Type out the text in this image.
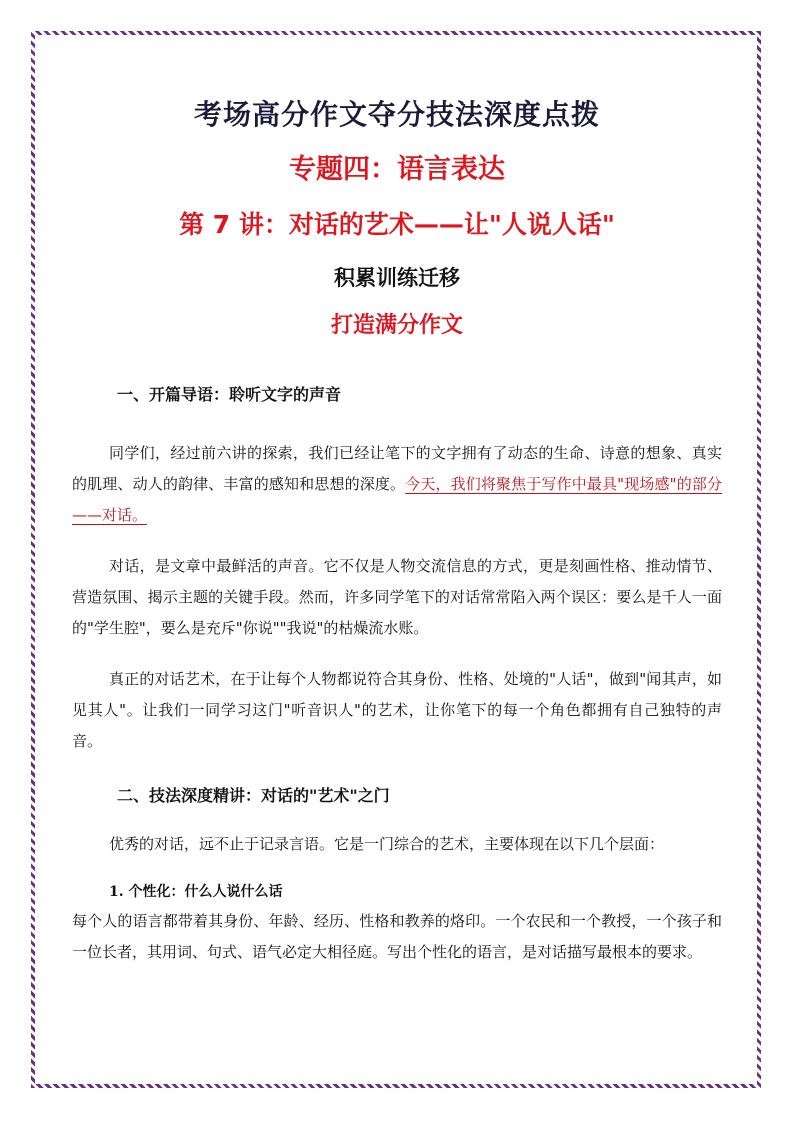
考场高分作文夺分技法深度点拨
专题四：语言表达
第 7 讲：对话的艺术——让"人说人话"
积累训练迁移
打造满分作文
一、开篇导语：聆听文字的声音

同学们，经过前六讲的探索，我们已经让笔下的文字拥有了动态的生命、诗意的想象、真实的肌理、动人的韵律、丰富的感知和思想的深度。今天，我们将聚焦于写作中最具"现场感"的部分——对话。

对话，是文章中最鲜活的声音。它不仅是人物交流信息的方式，更是刻画性格、推动情节、营造氛围、揭示主题的关键手段。然而，许多同学笔下的对话常常陷入两个误区：要么是千人一面的"学生腔"，要么是充斥"你说""我说"的枯燥流水账。

真正的对话艺术，在于让每个人物都说符合其身份、性格、处境的"人话"，做到"闻其声，如见其人"。让我们一同学习这门"听音识人"的艺术，让你笔下的每一个角色都拥有自己独特的声音。

二、技法深度精讲：对话的"艺术"之门

优秀的对话，远不止于记录言语。它是一门综合的艺术，主要体现在以下几个层面：

1. 个性化：什么人说什么话

每个人的语言都带着其身份、年龄、经历、性格和教养的烙印。一个农民和一个教授，一个孩子和一位长者，其用词、句式、语气必定大相径庭。写出个性化的语言，是对话描写最根本的要求。
